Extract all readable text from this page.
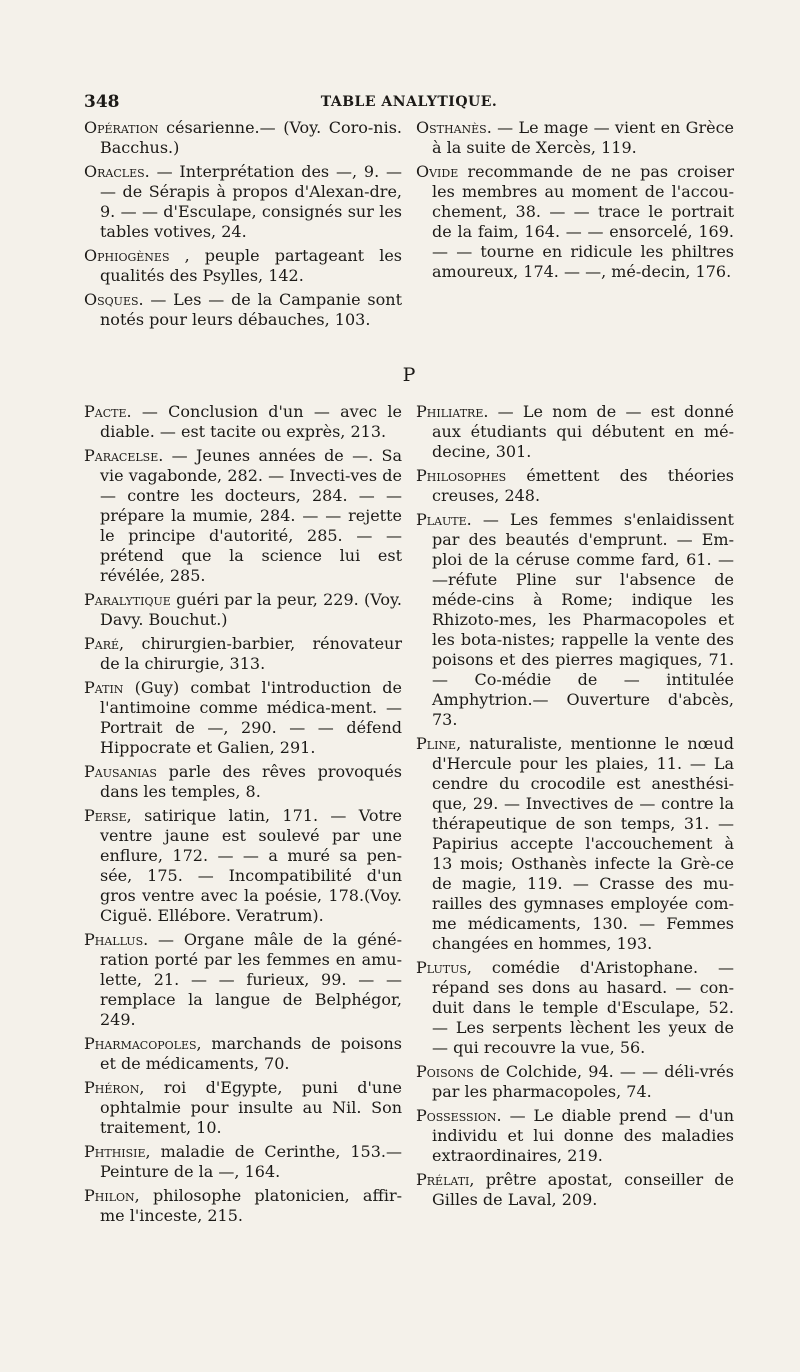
348	TABLE ANALYTIQUE.

Opération césarienne.— (Voy. Coro-nis. Bacchus.)

Oracles. — Interprétation des —, 9. — — de Sérapis à propos d'Alexan-dre, 9. — — d'Esculape, consignés sur les tables votives, 24.

Ophiogènes , peuple partageant les qualités des Psylles, 142.

Osques. — Les — de la Campanie sont notés pour leurs débauches, 103.

Osthanès. — Le mage — vient en Grèce à la suite de Xercès, 119.

Ovide recommande de ne pas croiser les membres au moment de l'accou-chement, 38. — — trace le portrait de la faim, 164. — — ensorcelé, 169. — — tourne en ridicule les philtres amoureux, 174. — —, mé-decin, 176.

P

Pacte. — Conclusion d'un — avec le diable. — est tacite ou exprès, 213.

Paracelse. — Jeunes années de —. Sa vie vagabonde, 282. — Invecti-ves de — contre les docteurs, 284. — — prépare la mumie, 284. — — rejette le principe d'autorité, 285. — — prétend que la science lui est révélée, 285.

Paralytique guéri par la peur, 229. (Voy. Davy. Bouchut.)

Paré, chirurgien-barbier, rénovateur de la chirurgie, 313.

Patin (Guy) combat l'introduction de l'antimoine comme médica-ment. — Portrait de —, 290. — — défend Hippocrate et Galien, 291.

Pausanias parle des rêves provoqués dans les temples, 8.

Perse, satirique latin, 171. — Votre ventre jaune est soulevé par une enflure, 172. — — a muré sa pen-sée, 175. — Incompatibilité d'un gros ventre avec la poésie, 178.(Voy. Ciguë. Ellébore. Veratrum).

Phallus. — Organe mâle de la géné-ration porté par les femmes en amu-lette, 21. — — furieux, 99. — — remplace la langue de Belphégor, 249.

Pharmacopoles, marchands de poisons et de médicaments, 70.

Phéron, roi d'Egypte, puni d'une ophtalmie pour insulte au Nil. Son traitement, 10.

Phthisie, maladie de Cerinthe, 153.— Peinture de la —, 164.

Philon, philosophe platonicien, affir-me l'inceste, 215.

Philiatre. — Le nom de — est donné aux étudiants qui débutent en mé-decine, 301.

Philosophes émettent des théories creuses, 248.

Plaute. — Les femmes s'enlaidissent par des beautés d'emprunt. — Em-ploi de la céruse comme fard, 61. — —réfute Pline sur l'absence de méde-cins à Rome; indique les Rhizoto-mes, les Pharmacopoles et les bota-nistes; rappelle la vente des poisons et des pierres magiques, 71. — Co-médie de — intitulée Amphytrion.— Ouverture d'abcès, 73.

Pline, naturaliste, mentionne le nœud d'Hercule pour les plaies, 11. — La cendre du crocodile est anesthési-que, 29. — Invectives de — contre la thérapeutique de son temps, 31. — Papirius accepte l'accouchement à 13 mois; Osthanès infecte la Grè-ce de magie, 119. — Crasse des mu-railles des gymnases employée com-me médicaments, 130. — Femmes changées en hommes, 193.

Plutus, comédie d'Aristophane. — répand ses dons au hasard. — con-duit dans le temple d'Esculape, 52. — Les serpents lèchent les yeux de — qui recouvre la vue, 56.

Poisons de Colchide, 94. — — déli-vrés par les pharmacopoles, 74.

Possession. — Le diable prend — d'un individu et lui donne des maladies extraordinaires, 219.

Prélati, prêtre apostat, conseiller de Gilles de Laval, 209.
